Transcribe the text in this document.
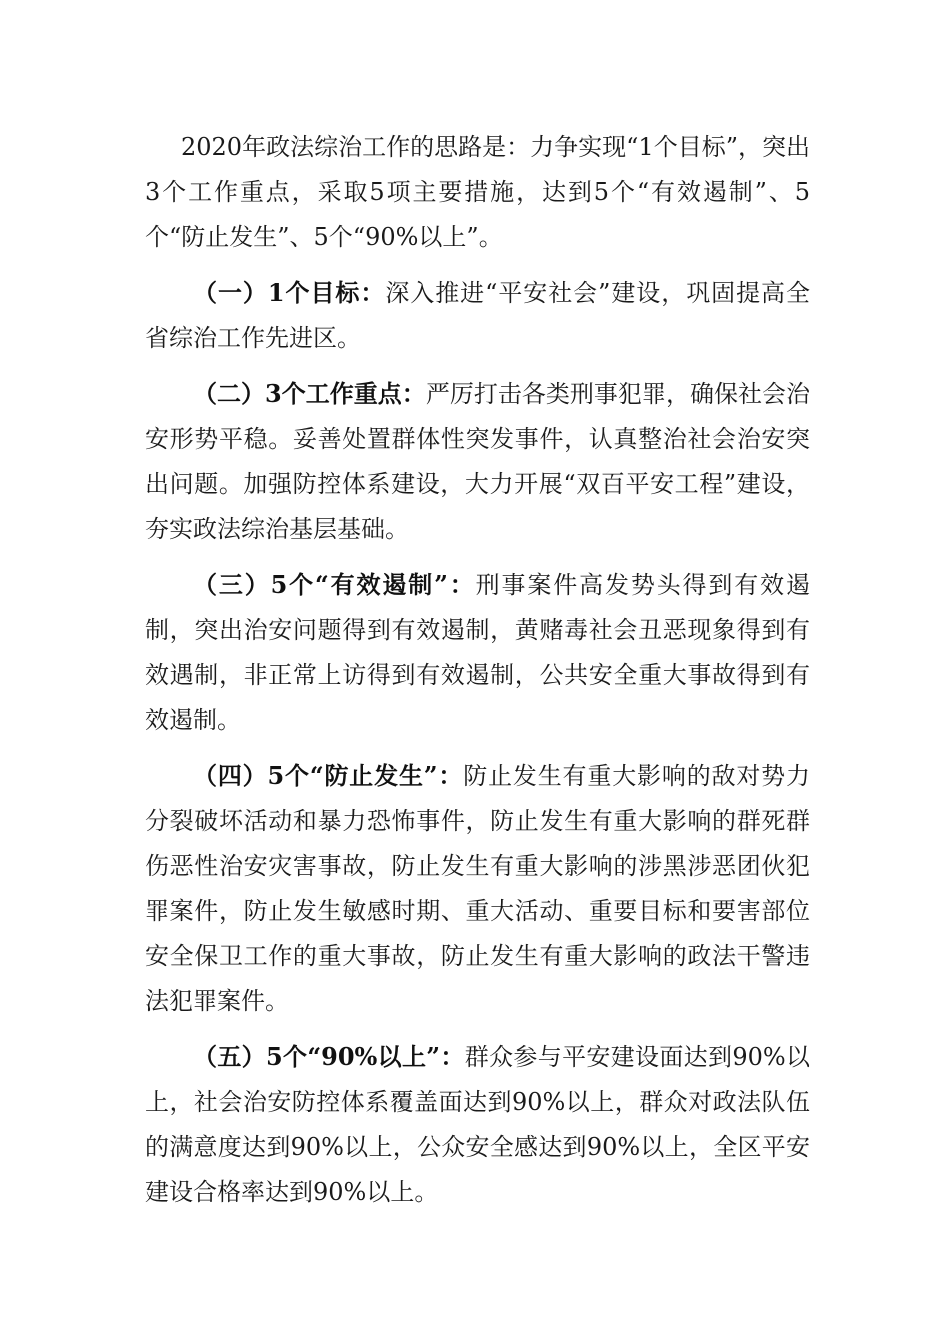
2020年政法综治工作的思路是：力争实现“1个目标”，突出3个工作重点，采取5项主要措施，达到5个“有效遏制”、5个“防止发生”、5个“90%以上”。

（一）1个目标：深入推进“平安社会”建设，巩固提高全省综治工作先进区。

（二）3个工作重点：严厉打击各类刑事犯罪，确保社会治安形势平稳。妥善处置群体性突发事件，认真整治社会治安突出问题。加强防控体系建设，大力开展“双百平安工程”建设，夯实政法综治基层基础。

（三）5个“有效遏制”：刑事案件高发势头得到有效遏制，突出治安问题得到有效遏制，黄赌毒社会丑恶现象得到有效遇制，非正常上访得到有效遏制，公共安全重大事故得到有效遏制。

（四）5个“防止发生”：防止发生有重大影响的敌对势力分裂破坏活动和暴力恐怖事件，防止发生有重大影响的群死群伤恶性治安灾害事故，防止发生有重大影响的涉黑涉恶团伙犯罪案件，防止发生敏感时期、重大活动、重要目标和要害部位安全保卫工作的重大事故，防止发生有重大影响的政法干警违法犯罪案件。

（五）5个“90%以上”：群众参与平安建设面达到90%以上，社会治安防控体系覆盖面达到90%以上，群众对政法队伍的满意度达到90%以上，公众安全感达到90%以上，全区平安建设合格率达到90%以上。
